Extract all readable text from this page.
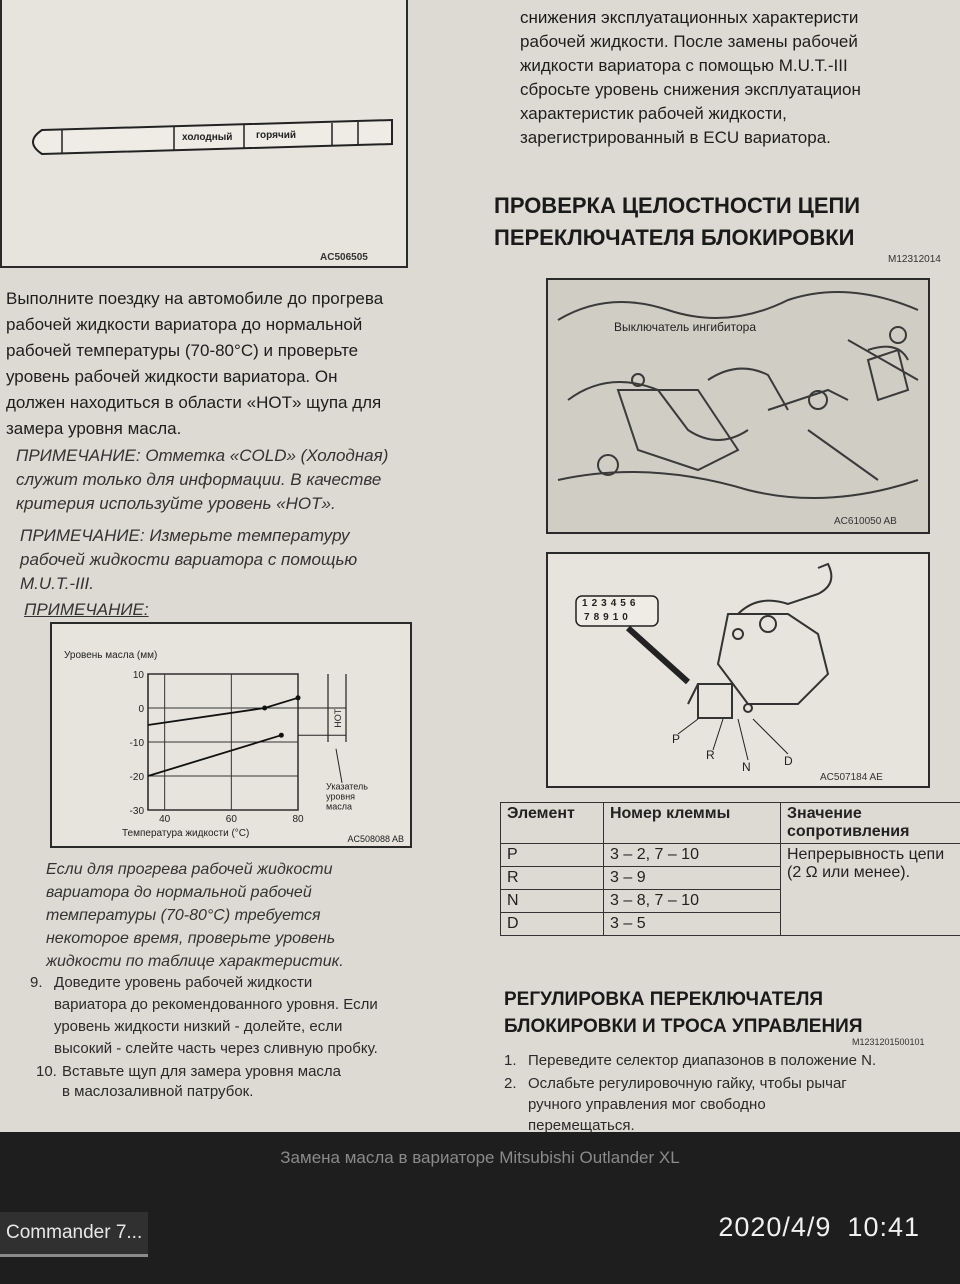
холодный горячий
AC506505
снижения эксплуатационных характеристи
рабочей жидкости. После замены рабочей
жидкости вариатора с помощью M.U.T.-III
сбросьте уровень снижения эксплуатацион
характеристик рабочей жидкости,
зарегистрированный в ECU вариатора.
Выполните поездку на автомобиле до прогрева
рабочей жидкости вариатора до нормальной
рабочей температуры (70-80°C) и проверьте
уровень рабочей жидкости вариатора. Он
должен находиться в области «HOT» щупа для
замера уровня масла.
ПРИМЕЧАНИЕ: Отметка «COLD» (Холодная)
служит только для информации. В качестве
критерия используйте уровень «HOT».
ПРИМЕЧАНИЕ: Измерьте температуру
рабочей жидкости вариатора с помощью
M.U.T.-III.
ПРИМЕЧАНИЕ:
10
0
-10
-20
-30
40	60	80
HOT
Указатель
уровня
масла
Уровень масла (мм)
Температура жидкости (°C)	AC508088 AB
Если для прогрева рабочей жидкости
вариатора до нормальной рабочей
температуры (70-80°C) требуется
некоторое время, проверьте уровень
жидкости по таблице характеристик.
9. Доведите уровень рабочей жидкости
вариатора до рекомендованного уровня. Если
уровень жидкости низкий - долейте, если
высокий - слейте часть через сливную пробку.
10. Вставьте щуп для замера уровня масла
в маслозаливной патрубок.
ПРОВЕРКА ЦЕЛОСТНОСТИ ЦЕПИ
ПЕРЕКЛЮЧАТЕЛЯ БЛОКИРОВКИ
M12312014
Выключатель ингибитора
AC610050 AB
123456
78910
P
R
N	D
AC507184 AE
Элемент	Номер клеммы	Значение сопротивления
P	3 – 2, 7 – 10	Непрерывность цепи (2 Ω или менее).
R	3 – 9	
N	3 – 8, 7 – 10	
D	3 – 5	
РЕГУЛИРОВКА ПЕРЕКЛЮЧАТЕЛЯ
БЛОКИРОВКИ И ТРОСА УПРАВЛЕНИЯ
M1231201500101
1. Переведите селектор диапазонов в положение N.
2. Ослабьте регулировочную гайку, чтобы рычаг
ручного управления мог свободно
перемещаться.
Замена масла в вариаторе Mitsubishi Outlander XL
Commander 7...	2020/4/9 10:41
